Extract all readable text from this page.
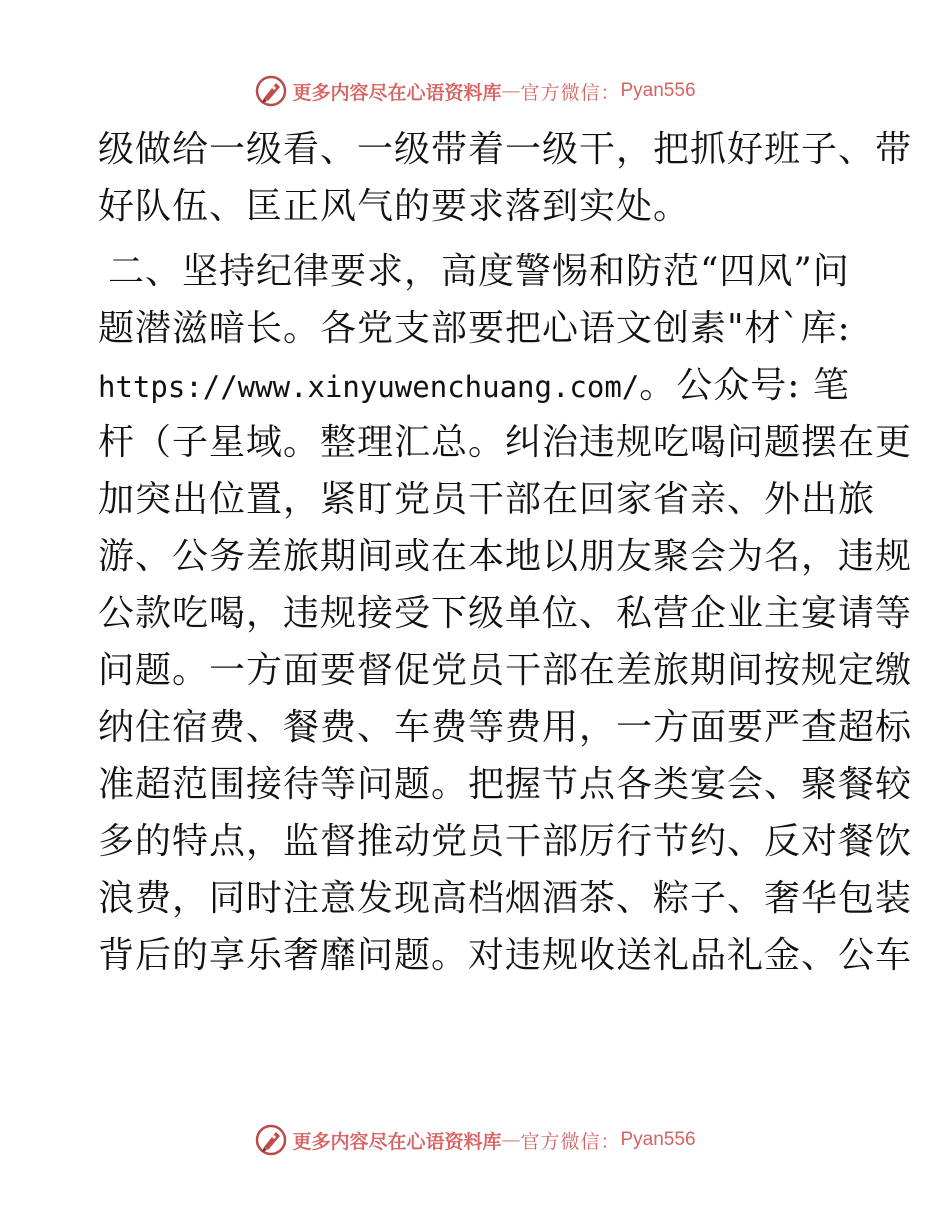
更多内容尽在心语资料库 — 官方微信： Pyan556
级做给一级看、一级带着一级干，把抓好班子、带
好队伍、匡正风气的要求落到实处。
二、坚持纪律要求，高度警惕和防范“四风”问
题潜滋暗长。各党支部要把心语文创素"材`库:
https://www.xinyuwenchuang.com/。公众号: 笔
杆（子星域。整理汇总。纠治违规吃喝问题摆在更
加突出位置，紧盯党员干部在回家省亲、外出旅
游、公务差旅期间或在本地以朋友聚会为名，违规
公款吃喝，违规接受下级单位、私营企业主宴请等
问题。一方面要督促党员干部在差旅期间按规定缴
纳住宿费、餐费、车费等费用，一方面要严查超标
准超范围接待等问题。把握节点各类宴会、聚餐较
多的特点，监督推动党员干部厉行节约、反对餐饮
浪费，同时注意发现高档烟酒茶、粽子、奢华包装
背后的享乐奢靡问题。对违规收送礼品礼金、公车
更多内容尽在心语资料库 — 官方微信： Pyan556
